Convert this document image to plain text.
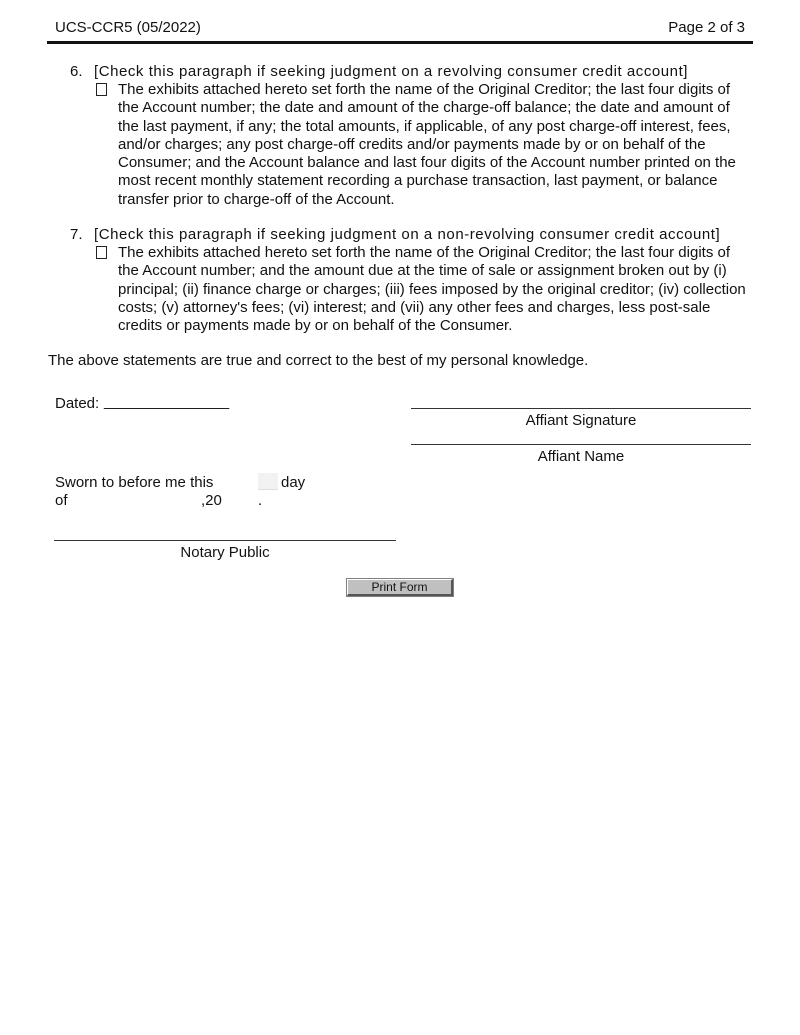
UCS-CCR5 (05/2022)	Page 2 of 3
6. [Check this paragraph if seeking judgment on a revolving consumer credit account]
The exhibits attached hereto set forth the name of the Original Creditor; the last four digits of the Account number; the date and amount of the charge-off balance; the date and amount of the last payment, if any; the total amounts, if applicable, of any post charge-off interest, fees, and/or charges; any post charge-off credits and/or payments made by or on behalf of the Consumer; and the Account balance and last four digits of the Account number printed on the most recent monthly statement recording a purchase transaction, last payment, or balance transfer prior to charge-off of the Account.
7. [Check this paragraph if seeking judgment on a non-revolving consumer credit account]
The exhibits attached hereto set forth the name of the Original Creditor; the last four digits of the Account number; and the amount due at the time of sale or assignment broken out by (i) principal; (ii) finance charge or charges; (iii) fees imposed by the original creditor; (iv) collection costs; (v) attorney's fees; (vi) interest; and (vii) any other fees and charges, less post-sale credits or payments made by or on behalf of the Consumer.
The above statements are true and correct to the best of my personal knowledge.
Dated: _______________
Affiant Signature
Affiant Name
Sworn to before me this	day
of	,20 .
Notary Public
Print Form
